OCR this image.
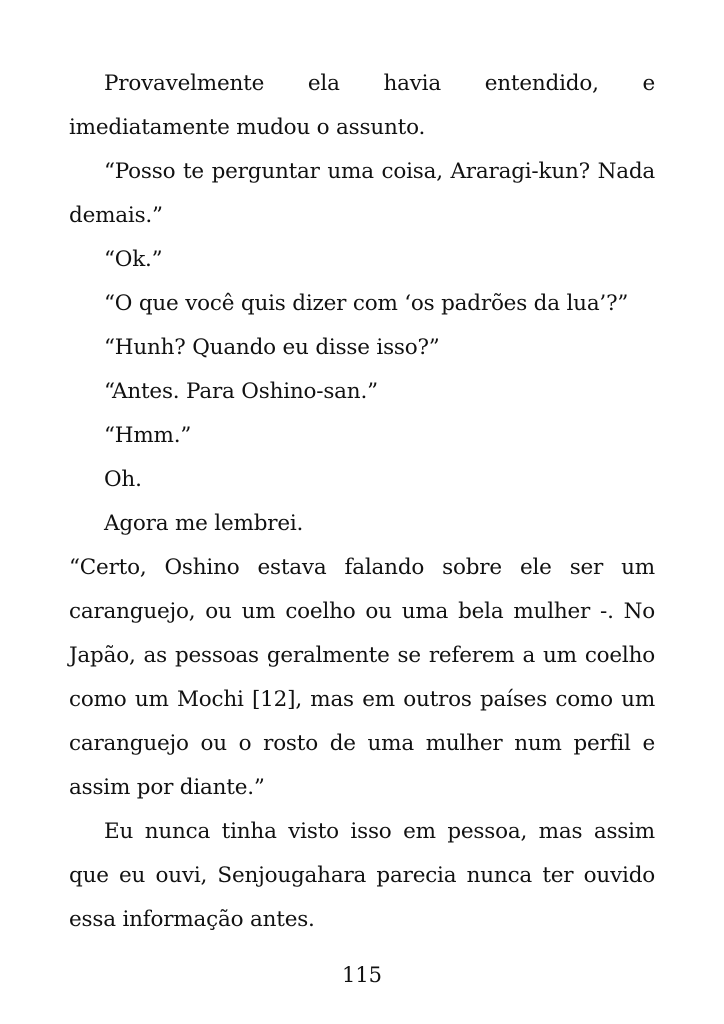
Provavelmente ela havia entendido, e imediatamente mudou o assunto.

“Posso te perguntar uma coisa, Araragi-kun? Nada demais.”

“Ok.”

“O que você quis dizer com ‘os padrões da lua’?”

“Hunh? Quando eu disse isso?”

“Antes. Para Oshino-san.”

“Hmm.”

Oh.

Agora me lembrei.

“Certo, Oshino estava falando sobre ele ser um caranguejo, ou um coelho ou uma bela mulher -. No Japão, as pessoas geralmente se referem a um coelho como um Mochi [12], mas em outros países como um caranguejo ou o rosto de uma mulher num perfil e assim por diante.”

Eu nunca tinha visto isso em pessoa, mas assim que eu ouvi, Senjougahara parecia nunca ter ouvido essa informação antes.

115
